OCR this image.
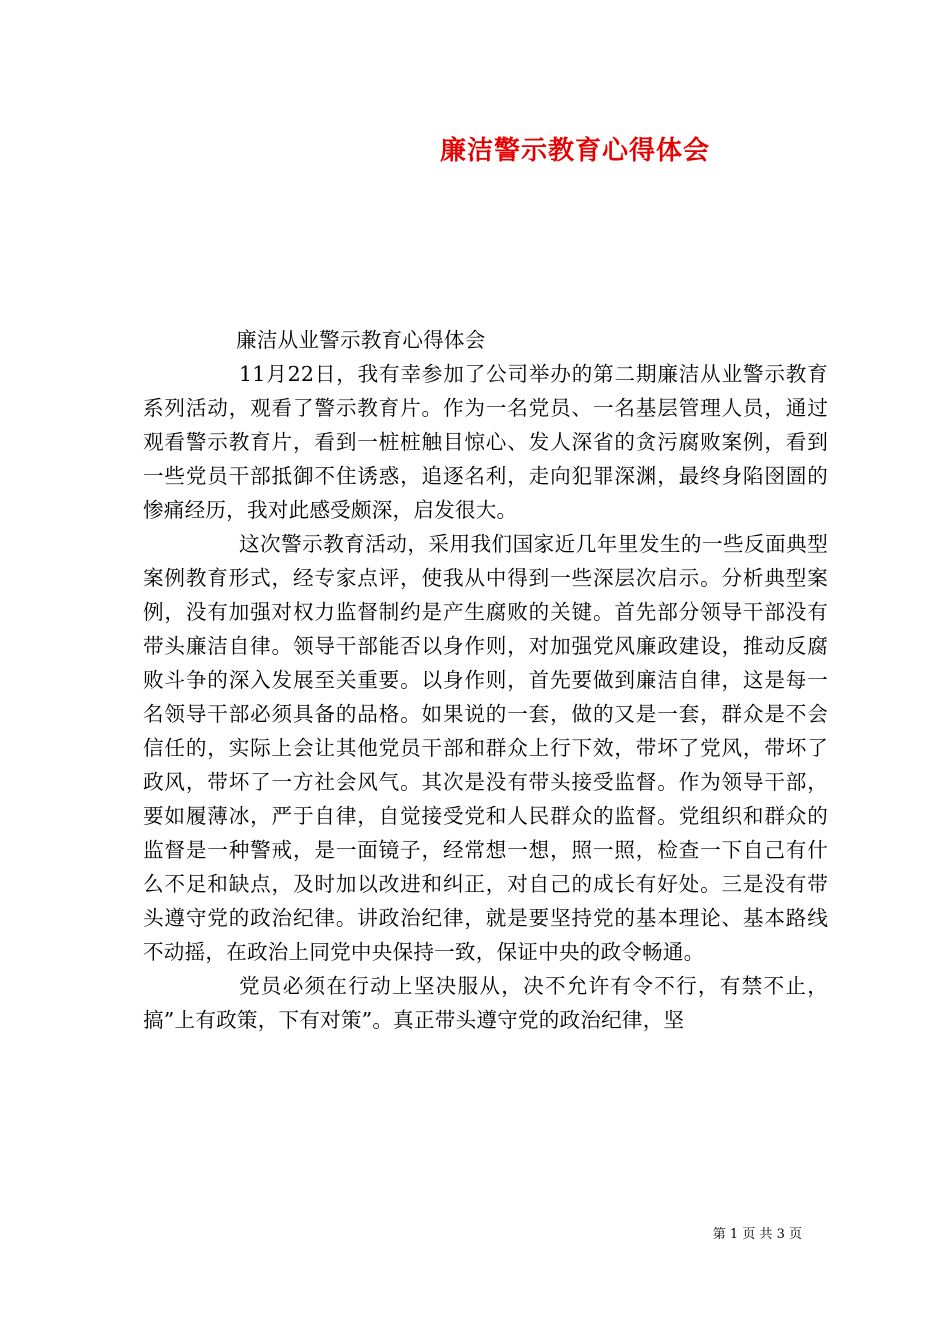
廉洁警示教育心得体会

廉洁从业警示教育心得体会

11月22日，我有幸参加了公司举办的第二期廉洁从业警示教育系列活动，观看了警示教育片。作为一名党员、一名基层管理人员，通过观看警示教育片，看到一桩桩触目惊心、发人深省的贪污腐败案例，看到一些党员干部抵御不住诱惑，追逐名利，走向犯罪深渊，最终身陷囹圄的惨痛经历，我对此感受颇深，启发很大。

这次警示教育活动，采用我们国家近几年里发生的一些反面典型案例教育形式，经专家点评，使我从中得到一些深层次启示。分析典型案例，没有加强对权力监督制约是产生腐败的关键。首先部分领导干部没有带头廉洁自律。领导干部能否以身作则，对加强党风廉政建设，推动反腐败斗争的深入发展至关重要。以身作则，首先要做到廉洁自律，这是每一名领导干部必须具备的品格。如果说的一套，做的又是一套，群众是不会信任的，实际上会让其他党员干部和群众上行下效，带坏了党风，带坏了政风，带坏了一方社会风气。其次是没有带头接受监督。作为领导干部，要如履薄冰，严于自律，自觉接受党和人民群众的监督。党组织和群众的监督是一种警戒，是一面镜子，经常想一想，照一照，检查一下自己有什么不足和缺点，及时加以改进和纠正，对自己的成长有好处。三是没有带头遵守党的政治纪律。讲政治纪律，就是要坚持党的基本理论、基本路线不动摇，在政治上同党中央保持一致，保证中央的政令畅通。

党员必须在行动上坚决服从，决不允许有令不行，有禁不止，搞”上有政策，下有对策”。真正带头遵守党的政治纪律，坚

第 1 页 共 3 页
